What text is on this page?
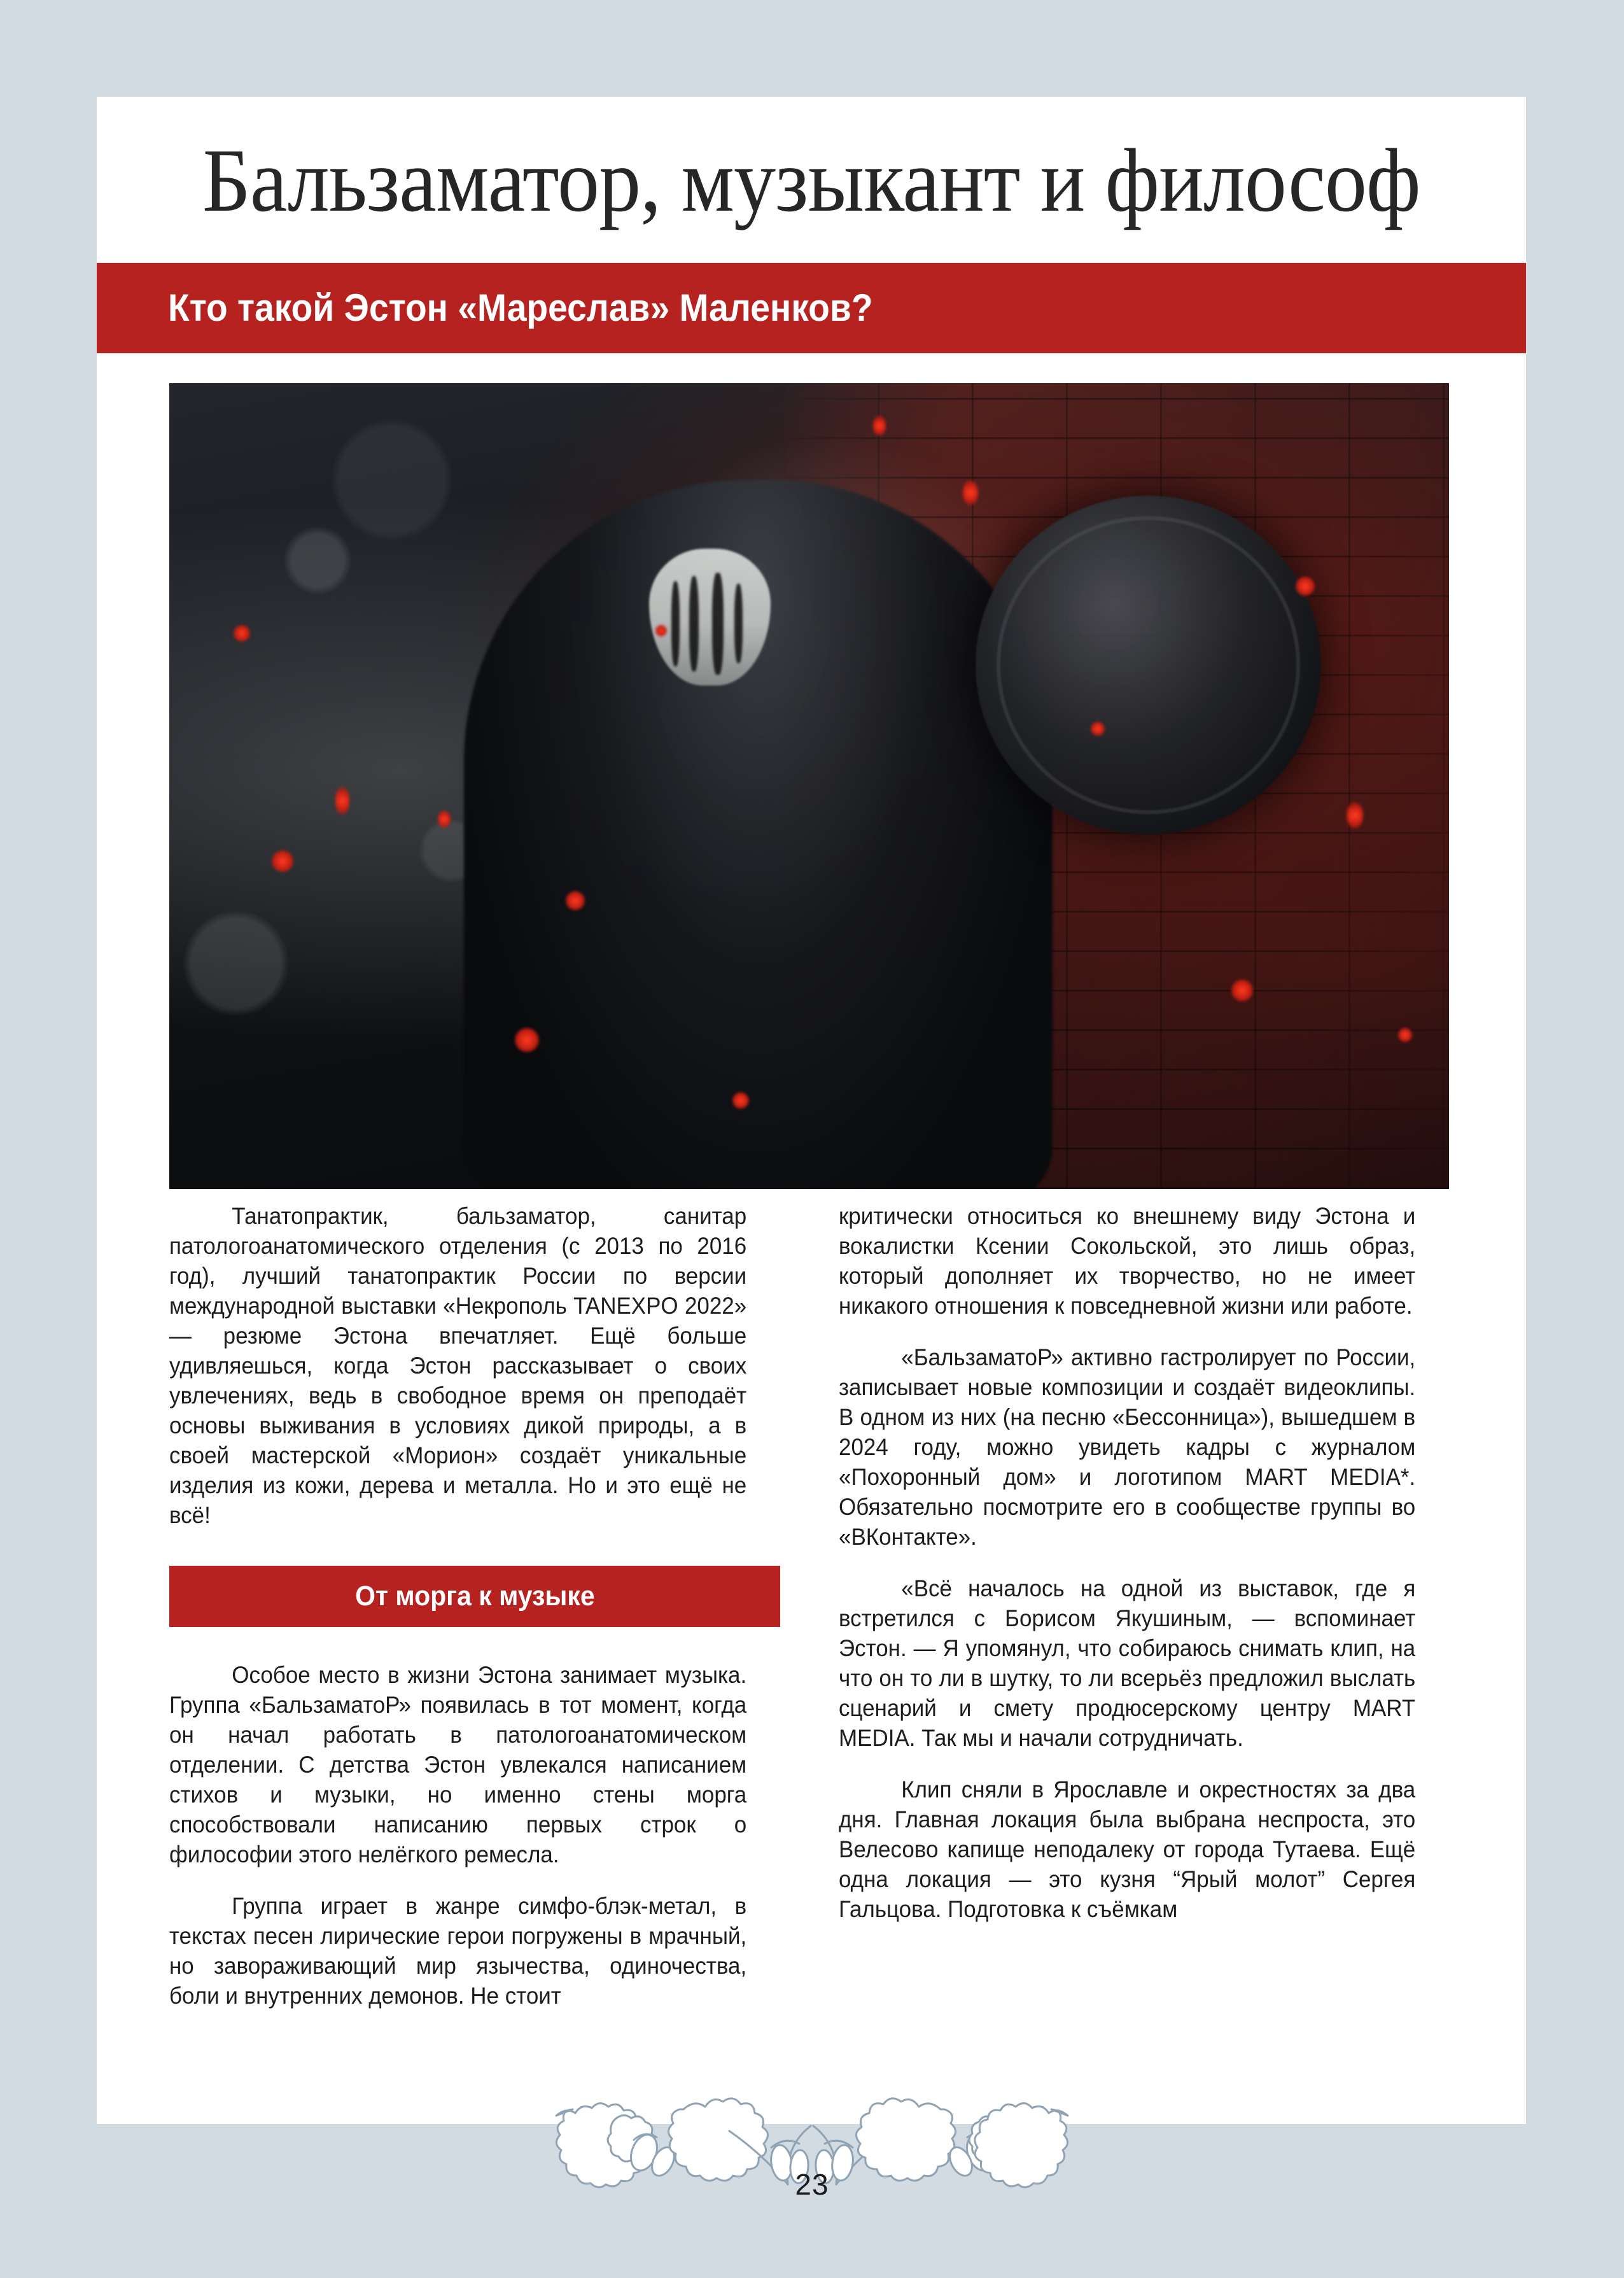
Бальзаматор, музыкант и философ
Кто такой Эстон «Мареслав» Маленков?

Танатопрактик, бальзаматор, санитар патологоанатомического отделения (с 2013 по 2016 год), лучший танатопрактик России по версии международной выставки «Некрополь TANEXPO 2022» — резюме Эстона впечатляет. Ещё больше удивляешься, когда Эстон рассказывает о своих увлечениях, ведь в свободное время он преподаёт основы выживания в условиях дикой природы, а в своей мастерской «Морион» создаёт уникальные изделия из кожи, дерева и металла. Но и это ещё не всё!

От морга к музыке

Особое место в жизни Эстона занимает музыка. Группа «БальзаматоР» появилась в тот момент, когда он начал работать в патологоанатомическом отделении. С детства Эстон увлекался написанием стихов и музыки, но именно стены морга способствовали написанию первых строк о философии этого нелёгкого ремесла.

Группа играет в жанре симфо-блэк-метал, в текстах песен лирические герои погружены в мрачный, но завораживающий мир язычества, одиночества, боли и внутренних демонов. Не стоит

критически относиться ко внешнему виду Эстона и вокалистки Ксении Сокольской, это лишь образ, который дополняет их творчество, но не имеет никакого отношения к повседневной жизни или работе.

«БальзаматоР» активно гастролирует по России, записывает новые композиции и создаёт видеоклипы. В одном из них (на песню «Бессонница»), вышедшем в 2024 году, можно увидеть кадры с журналом «Похоронный дом» и логотипом MART MEDIA*. Обязательно посмотрите его в сообществе группы во «ВКонтакте».

«Всё началось на одной из выставок, где я встретился с Борисом Якушиным, — вспоминает Эстон. — Я упомянул, что собираюсь снимать клип, на что он то ли в шутку, то ли всерьёз предложил выслать сценарий и смету продюсерскому центру MART MEDIA. Так мы и начали сотрудничать.

Клип сняли в Ярославле и окрестностях за два дня. Главная локация была выбрана неспроста, это Велесово капище неподалеку от города Тутаева. Ещё одна локация — это кузня “Ярый молот” Сергея Гальцова. Подготовка к съёмкам

23
